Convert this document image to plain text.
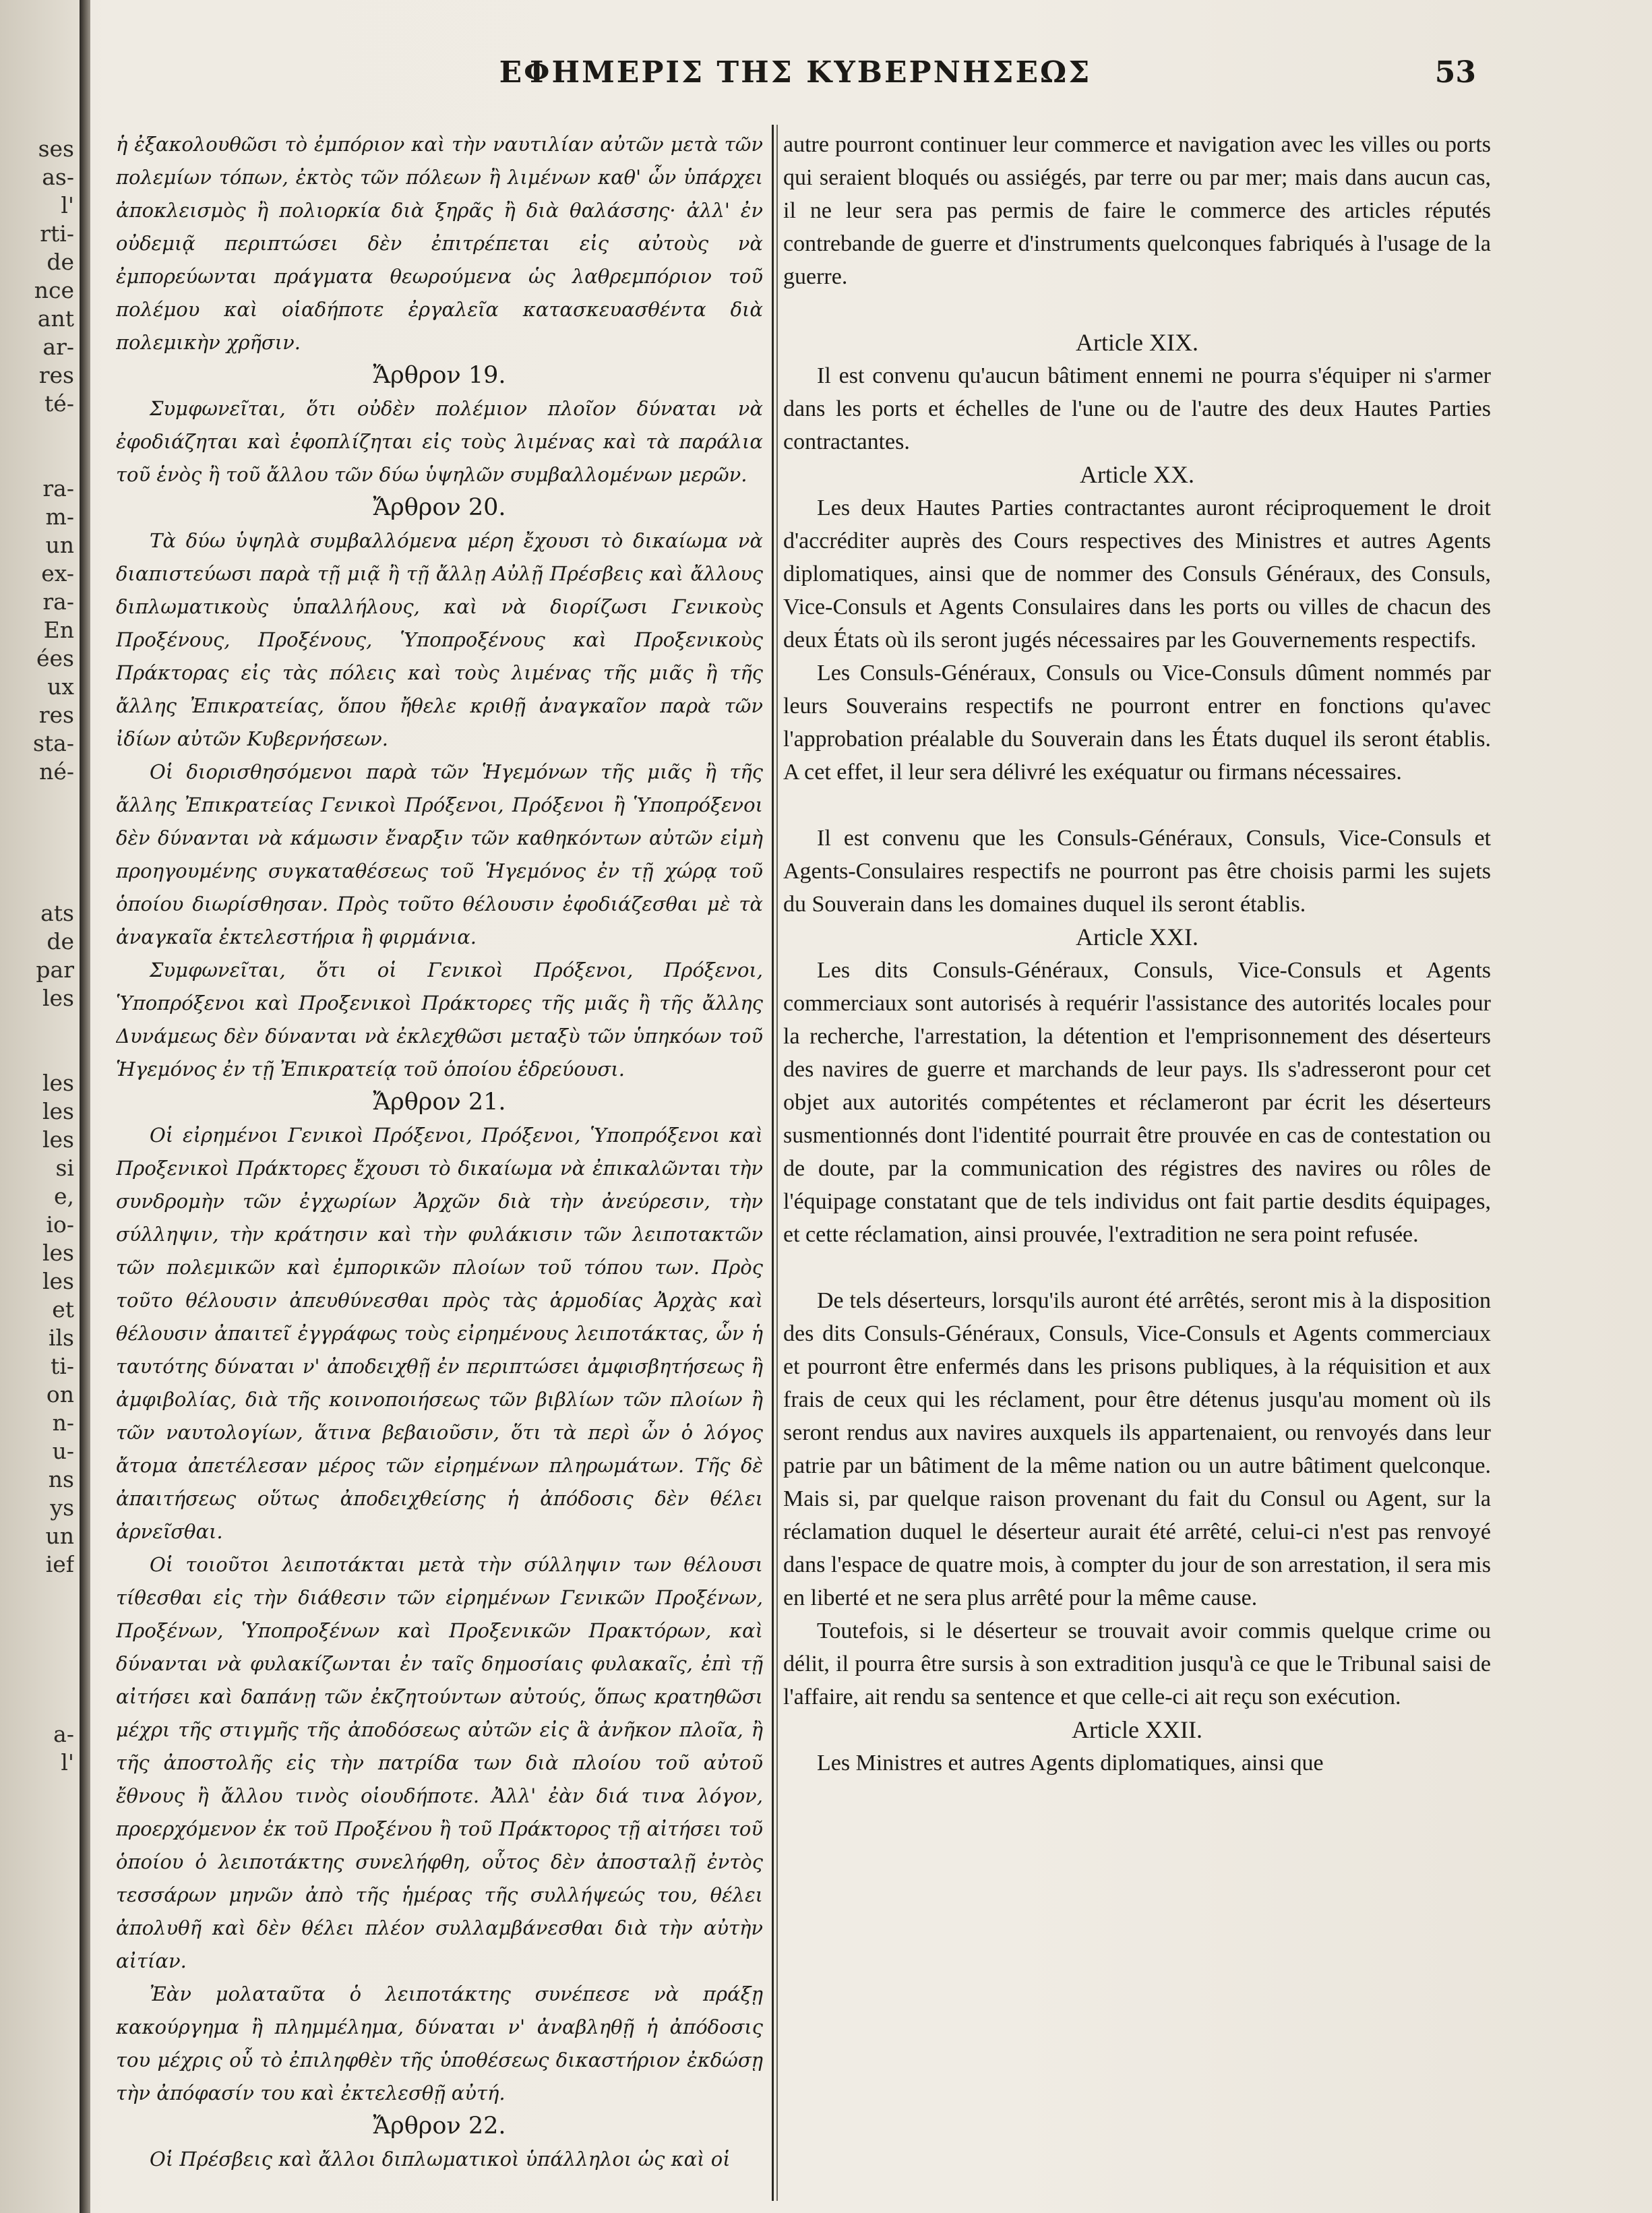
ses
as-
l'
rti-
de
nce
ant
ar-
res
té-
ra-
m-
un
ex-
ra-
En
ées
ux
res
sta-
né-
ats
de
par
les
les
les
les
si
e,
io-
les
les
et
ils
ti-
on
n-
u-
ns
ys
un
ief
a-
l'
ΕΦΗΜΕΡΙΣ ΤΗΣ ΚΥΒΕΡΝΗΣΕΩΣ	53

ἡ ἐξακολουθῶσι τὸ ἐμπόριον καὶ τὴν ναυτιλίαν αὐτῶν μετὰ τῶν πολεμίων τόπων, ἐκτὸς τῶν πόλεων ἢ λιμένων καθ' ὧν ὑπάρχει ἀποκλεισμὸς ἢ πολιορκία διὰ ξηρᾶς ἢ διὰ θαλάσσης· ἀλλ' ἐν οὐδεμιᾷ περιπτώσει δὲν ἐπιτρέπεται εἰς αὐτοὺς νὰ ἐμπορεύωνται πράγματα θεωρούμενα ὡς λαθρεμπόριον τοῦ πολέμου καὶ οἱαδήποτε ἐργαλεῖα κατασκευασθέντα διὰ πολεμικὴν χρῆσιν.

Ἄρθρον 19.

Συμφωνεῖται, ὅτι οὐδὲν πολέμιον πλοῖον δύναται νὰ ἐφοδιάζηται καὶ ἐφοπλίζηται εἰς τοὺς λιμένας καὶ τὰ παράλια τοῦ ἑνὸς ἢ τοῦ ἄλλου τῶν δύω ὑψηλῶν συμβαλλομένων μερῶν.

Ἄρθρον 20.

Τὰ δύω ὑψηλὰ συμβαλλόμενα μέρη ἔχουσι τὸ δικαίωμα νὰ διαπιστεύωσι παρὰ τῇ μιᾷ ἢ τῇ ἄλλῃ Αὐλῇ Πρέσβεις καὶ ἄλλους διπλωματικοὺς ὑπαλλήλους, καὶ νὰ διορίζωσι Γενικοὺς Προξένους, Προξένους, Ὑποπροξένους καὶ Προξενικοὺς Πράκτορας εἰς τὰς πόλεις καὶ τοὺς λιμένας τῆς μιᾶς ἢ τῆς ἄλλης Ἐπικρατείας, ὅπου ἤθελε κριθῇ ἀναγκαῖον παρὰ τῶν ἰδίων αὐτῶν Κυβερνήσεων.

Οἱ διορισθησόμενοι παρὰ τῶν Ἡγεμόνων τῆς μιᾶς ἢ τῆς ἄλλης Ἐπικρατείας Γενικοὶ Πρόξενοι, Πρόξενοι ἢ Ὑποπρόξενοι δὲν δύνανται νὰ κάμωσιν ἔναρξιν τῶν καθηκόντων αὐτῶν εἰμὴ προηγουμένης συγκαταθέσεως τοῦ Ἡγεμόνος ἐν τῇ χώρᾳ τοῦ ὁποίου διωρίσθησαν. Πρὸς τοῦτο θέλουσιν ἐφοδιάζεσθαι μὲ τὰ ἀναγκαῖα ἐκτελεστήρια ἢ φιρμάνια.

Συμφωνεῖται, ὅτι οἱ Γενικοὶ Πρόξενοι, Πρόξενοι, Ὑποπρόξενοι καὶ Προξενικοὶ Πράκτορες τῆς μιᾶς ἢ τῆς ἄλλης Δυνάμεως δὲν δύνανται νὰ ἐκλεχθῶσι μεταξὺ τῶν ὑπηκόων τοῦ Ἡγεμόνος ἐν τῇ Ἐπικρατείᾳ τοῦ ὁποίου ἑδρεύουσι.

Ἄρθρον 21.

Οἱ εἰρημένοι Γενικοὶ Πρόξενοι, Πρόξενοι, Ὑποπρόξενοι καὶ Προξενικοὶ Πράκτορες ἔχουσι τὸ δικαίωμα νὰ ἐπικαλῶνται τὴν συνδρομὴν τῶν ἐγχωρίων Ἀρχῶν διὰ τὴν ἀνεύρεσιν, τὴν σύλληψιν, τὴν κράτησιν καὶ τὴν φυλάκισιν τῶν λειποτακτῶν τῶν πολεμικῶν καὶ ἐμπορικῶν πλοίων τοῦ τόπου των. Πρὸς τοῦτο θέλουσιν ἀπευθύνεσθαι πρὸς τὰς ἁρμοδίας Ἀρχὰς καὶ θέλουσιν ἀπαιτεῖ ἐγγράφως τοὺς εἰρημένους λειποτάκτας, ὧν ἡ ταυτότης δύναται ν' ἀποδειχθῇ ἐν περιπτώσει ἀμφισβητήσεως ἢ ἀμφιβολίας, διὰ τῆς κοινοποιήσεως τῶν βιβλίων τῶν πλοίων ἢ τῶν ναυτολογίων, ἅτινα βεβαιοῦσιν, ὅτι τὰ περὶ ὧν ὁ λόγος ἄτομα ἀπετέλεσαν μέρος τῶν εἰρημένων πληρωμάτων. Τῆς δὲ ἀπαιτήσεως οὕτως ἀποδειχθείσης ἡ ἀπόδοσις δὲν θέλει ἀρνεῖσθαι.

Οἱ τοιοῦτοι λειποτάκται μετὰ τὴν σύλληψιν των θέλουσι τίθεσθαι εἰς τὴν διάθεσιν τῶν εἰρημένων Γενικῶν Προξένων, Προξένων, Ὑποπροξένων καὶ Προξενικῶν Πρακτόρων, καὶ δύνανται νὰ φυλακίζωνται ἐν ταῖς δημοσίαις φυλακαῖς, ἐπὶ τῇ αἰτήσει καὶ δαπάνῃ τῶν ἐκζητούντων αὐτούς, ὅπως κρατηθῶσι μέχρι τῆς στιγμῆς τῆς ἀποδόσεως αὐτῶν εἰς ἃ ἀνῆκον πλοῖα, ἢ τῆς ἀποστολῆς εἰς τὴν πατρίδα των διὰ πλοίου τοῦ αὐτοῦ ἔθνους ἢ ἄλλου τινὸς οἱουδήποτε. Ἀλλ' ἐὰν διά τινα λόγον, προερχόμενον ἐκ τοῦ Προξένου ἢ τοῦ Πράκτορος τῇ αἰτήσει τοῦ ὁποίου ὁ λειποτάκτης συνελήφθη, οὗτος δὲν ἀποσταλῇ ἐντὸς τεσσάρων μηνῶν ἀπὸ τῆς ἡμέρας τῆς συλλήψεώς του, θέλει ἀπολυθῆ καὶ δὲν θέλει πλέον συλλαμβάνεσθαι διὰ τὴν αὐτὴν αἰτίαν.

Ἐὰν μολαταῦτα ὁ λειποτάκτης συνέπεσε νὰ πράξῃ κακούργημα ἢ πλημμέλημα, δύναται ν' ἀναβληθῇ ἡ ἀπόδοσις του μέχρις οὗ τὸ ἐπιληφθὲν τῆς ὑποθέσεως δικαστήριον ἐκδώσῃ τὴν ἀπόφασίν του καὶ ἐκτελεσθῇ αὐτή.

Ἄρθρον 22.

Οἱ Πρέσβεις καὶ ἄλλοι διπλωματικοὶ ὑπάλληλοι ὡς καὶ οἱ

autre pourront continuer leur commerce et navigation avec les villes ou ports qui seraient bloqués ou assiégés, par terre ou par mer; mais dans aucun cas, il ne leur sera pas permis de faire le commerce des articles réputés contrebande de guerre et d'instruments quelconques fabriqués à l'usage de la guerre.

Article XIX.

Il est convenu qu'aucun bâtiment ennemi ne pourra s'équiper ni s'armer dans les ports et échelles de l'une ou de l'autre des deux Hautes Parties contractantes.

Article XX.

Les deux Hautes Parties contractantes auront réciproquement le droit d'accréditer auprès des Cours respectives des Ministres et autres Agents diplomatiques, ainsi que de nommer des Consuls Généraux, des Consuls, Vice-Consuls et Agents Consulaires dans les ports ou villes de chacun des deux États où ils seront jugés nécessaires par les Gouvernements respectifs.

Les Consuls-Généraux, Consuls ou Vice-Consuls dûment nommés par leurs Souverains respectifs ne pourront entrer en fonctions qu'avec l'approbation préalable du Souverain dans les États duquel ils seront établis. A cet effet, il leur sera délivré les exéquatur ou firmans nécessaires.

Il est convenu que les Consuls-Généraux, Consuls, Vice-Consuls et Agents-Consulaires respectifs ne pourront pas être choisis parmi les sujets du Souverain dans les domaines duquel ils seront établis.

Article XXI.

Les dits Consuls-Généraux, Consuls, Vice-Consuls et Agents commerciaux sont autorisés à requérir l'assistance des autorités locales pour la recherche, l'arrestation, la détention et l'emprisonnement des déserteurs des navires de guerre et marchands de leur pays. Ils s'adresseront pour cet objet aux autorités compétentes et réclameront par écrit les déserteurs susmentionnés dont l'identité pourrait être prouvée en cas de contestation ou de doute, par la communication des régistres des navires ou rôles de l'équipage constatant que de tels individus ont fait partie desdits équipages, et cette réclamation, ainsi prouvée, l'extradition ne sera point refusée.

De tels déserteurs, lorsqu'ils auront été arrêtés, seront mis à la disposition des dits Consuls-Généraux, Consuls, Vice-Consuls et Agents commerciaux et pourront être enfermés dans les prisons publiques, à la réquisition et aux frais de ceux qui les réclament, pour être détenus jusqu'au moment où ils seront rendus aux navires auxquels ils appartenaient, ou renvoyés dans leur patrie par un bâtiment de la même nation ou un autre bâtiment quelconque. Mais si, par quelque raison provenant du fait du Consul ou Agent, sur la réclamation duquel le déserteur aurait été arrêté, celui-ci n'est pas renvoyé dans l'espace de quatre mois, à compter du jour de son arrestation, il sera mis en liberté et ne sera plus arrêté pour la même cause.

Toutefois, si le déserteur se trouvait avoir commis quelque crime ou délit, il pourra être sursis à son extradition jusqu'à ce que le Tribunal saisi de l'affaire, ait rendu sa sentence et que celle-ci ait reçu son exécution.

Article XXII.

Les Ministres et autres Agents diplomatiques, ainsi que
